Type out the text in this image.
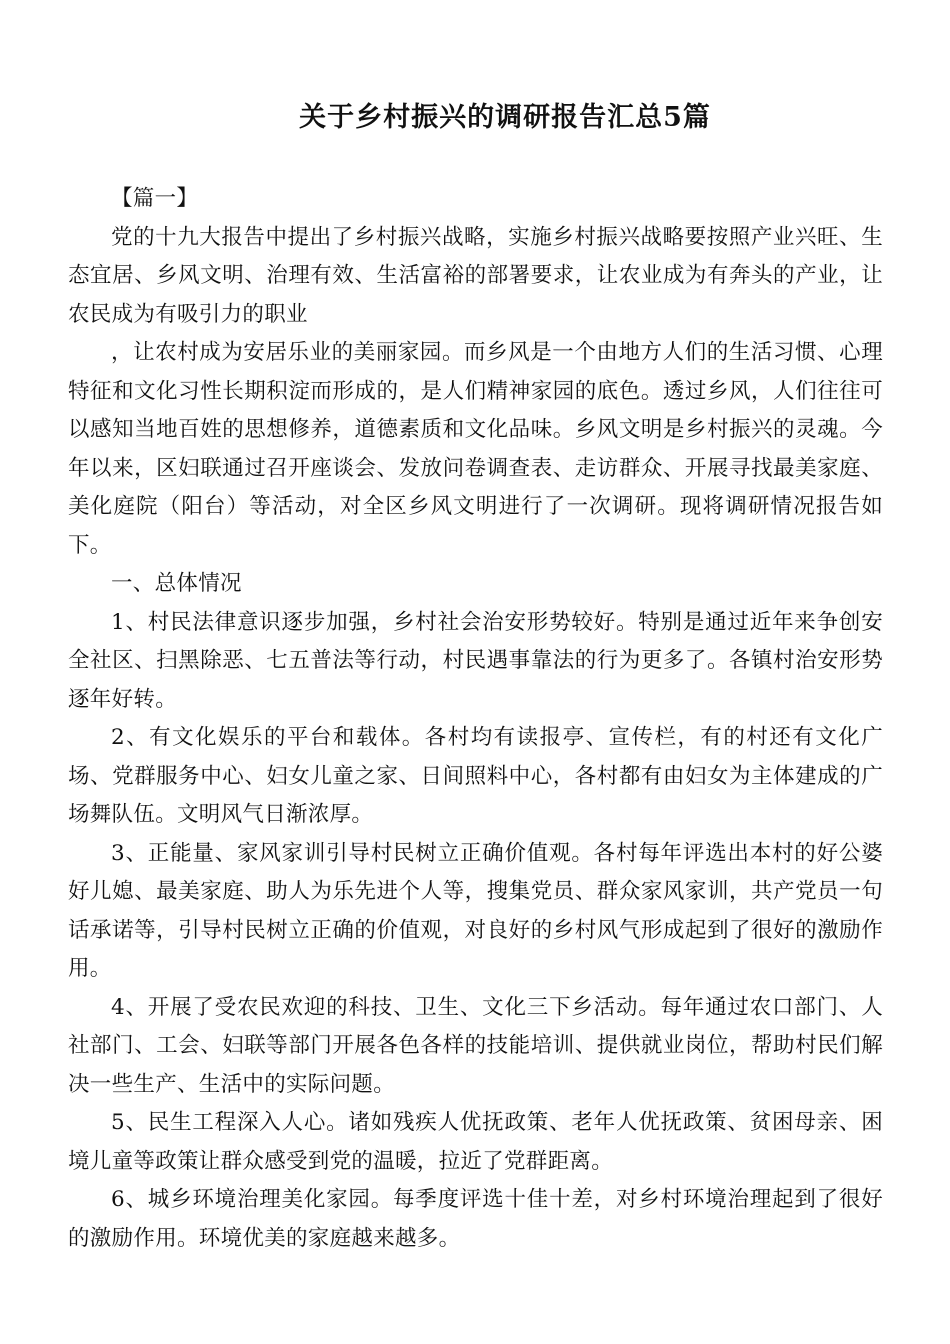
关于乡村振兴的调研报告汇总5篇

【篇一】

党的十九大报告中提出了乡村振兴战略，实施乡村振兴战略要按照产业兴旺、生态宜居、乡风文明、治理有效、生活富裕的部署要求，让农业成为有奔头的产业，让农民成为有吸引力的职业

，让农村成为安居乐业的美丽家园。而乡风是一个由地方人们的生活习惯、心理特征和文化习性长期积淀而形成的，是人们精神家园的底色。透过乡风，人们往往可以感知当地百姓的思想修养，道德素质和文化品味。乡风文明是乡村振兴的灵魂。今年以来，区妇联通过召开座谈会、发放问卷调查表、走访群众、开展寻找最美家庭、美化庭院（阳台）等活动，对全区乡风文明进行了一次调研。现将调研情况报告如下。

一、总体情况

1、村民法律意识逐步加强，乡村社会治安形势较好。特别是通过近年来争创安全社区、扫黑除恶、七五普法等行动，村民遇事靠法的行为更多了。各镇村治安形势逐年好转。

2、有文化娱乐的平台和载体。各村均有读报亭、宣传栏，有的村还有文化广场、党群服务中心、妇女儿童之家、日间照料中心，各村都有由妇女为主体建成的广场舞队伍。文明风气日渐浓厚。

3、正能量、家风家训引导村民树立正确价值观。各村每年评选出本村的好公婆好儿媳、最美家庭、助人为乐先进个人等，搜集党员、群众家风家训，共产党员一句话承诺等，引导村民树立正确的价值观，对良好的乡村风气形成起到了很好的激励作用。

4、开展了受农民欢迎的科技、卫生、文化三下乡活动。每年通过农口部门、人社部门、工会、妇联等部门开展各色各样的技能培训、提供就业岗位，帮助村民们解决一些生产、生活中的实际问题。

5、民生工程深入人心。诸如残疾人优抚政策、老年人优抚政策、贫困母亲、困境儿童等政策让群众感受到党的温暖，拉近了党群距离。

6、城乡环境治理美化家园。每季度评选十佳十差，对乡村环境治理起到了很好的激励作用。环境优美的家庭越来越多。
